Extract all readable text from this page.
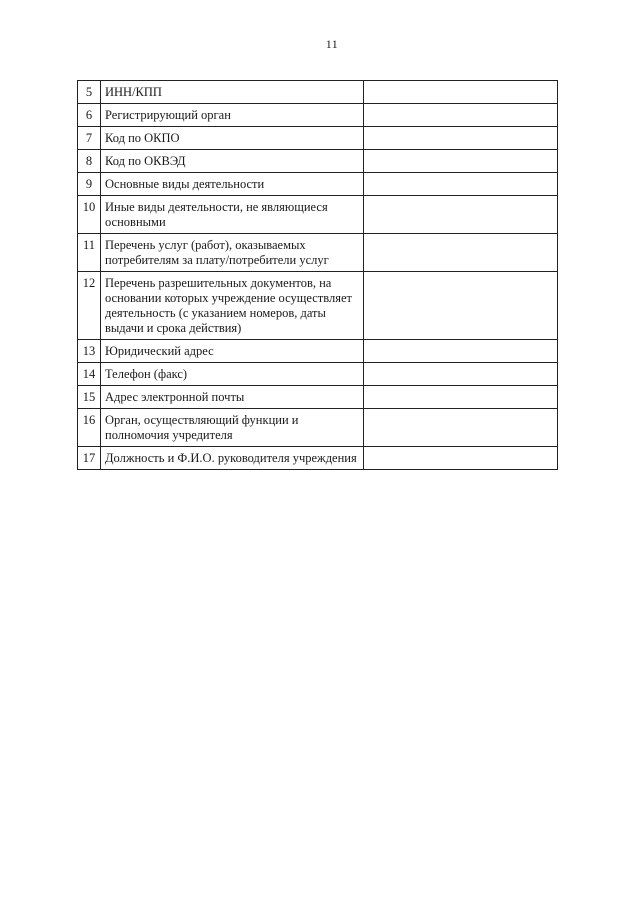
11
5	ИНН/КПП	
6	Регистрирующий орган	
7	Код по ОКПО	
8	Код по ОКВЭД	
9	Основные виды деятельности	
10	Иные виды деятельности, не являющиеся основными	
11	Перечень услуг (работ), оказываемых потребителям за плату/потребители услуг	
12	Перечень разрешительных документов, на основании которых учреждение осуществляет деятельность (с указанием номеров, даты выдачи и срока действия)	
13	Юридический адрес	
14	Телефон (факс)	
15	Адрес электронной почты	
16	Орган, осуществляющий функции и полномочия учредителя	
17	Должность и Ф.И.О. руководителя учреждения	
